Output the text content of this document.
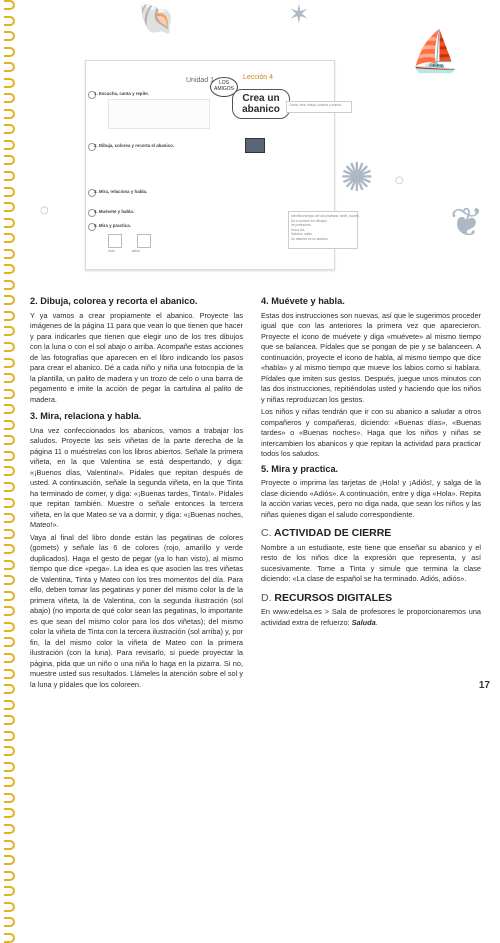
🐚	✶
⛵
❦
✺
○
○
Unidad 1 LOS AMIGOS
Lección 4
Crea un abanico	Canta, crea, dibuja, colorea y saluda.
1. Escucha, canta y repite.
2. Dibuja, colorea y recorta el abanico.
3. Mira, relaciona y habla.
4. Muévete y habla.
5. Mira y practica.

hola	adiós
Identifica tiempo del día (mañana, tarde, noche).
Da a conocer los dibujos/
de profesores.
Usa a los.
Saludos, adiós
Un abanico es un abanico
2. Dibuja, colorea y recorta el abanico.

Y ya vamos a crear propiamente el abanico. Proyecte las imágenes de la página 11 para que vean lo que tienen que hacer y para indicarles que tienen que elegir uno de los tres dibujos con la luna o con el sol abajo o arriba. Acompañe estas acciones de las fotografías que aparecen en el libro indicando los pasos para crear el abanico. Dé a cada niño y niña una fotocopia de la la plantilla, un palito de madera y un trozo de celo o una barra de pegamento e imite la acción de pegar la cartulina al palito de madera.

3. Mira, relaciona y habla.

Una vez confeccionados los abanicos, vamos a trabajar los saludos. Proyecte las seis viñetas de la parte derecha de la página 11 o muéstrelas con los libros abiertos. Señale la primera viñeta, en la que Valentina se está despertando, y diga: «¡Buenos días, Valentina!». Pídales que repitan después de usted. A continuación, señale la segunda viñeta, en la que Tinta ha terminado de comer, y diga: «¡Buenas tardes, Tinta!». Pídales que repitan también. Muestre o señale entonces la tercera viñeta, en la que Mateo se va a dormir, y diga: «¡Buenas noches, Mateo!».

Vaya al final del libro donde están las pegatinas de colores (gomets) y señale las 6 de colores (rojo, amarillo y verde duplicados). Haga el gesto de pegar (ya lo han visto), al mismo tiempo que dice «pega». La idea es que asocien las tres viñetas de Valentina, Tinta y Mateo con los tres momentos del día. Para ello, deben tomar las pegatinas y poner del mismo color la de la primera viñeta, la de Valentina, con la segunda ilustración (sol abajo) (no importa de qué color sean las pegatinas, lo importante es que sean del mismo color para los dos viñetas); del mismo color la viñeta de Tinta con la tercera ilustración (sol arriba) y, por fin, la del mismo color la viñeta de Mateo con la primera ilustración (con la luna). Para revisarlo, si puede proyectar la página, pida que un niño o una niña lo haga en la pizarra. Si no, muestre usted sus resultados. Llámeles la atención sobre el sol y la luna y pídales que los coloreen.

4. Muévete y habla.

Estas dos instrucciones son nuevas, así que le sugerimos proceder igual que con las anteriores la primera vez que aparecieron. Proyecte el icono de muévete y diga «muévete» al mismo tiempo que se balancea. Pídales que se pongan de pie y se balanceen. A continuación, proyecte el icono de habla, al mismo tiempo que dice «habla» y al mismo tiempo que mueve los labios como si hablara. Pídales que imiten sus gestos. Después, juegue unos minutos con las dos instrucciones, repitiéndolas usted y haciendo que los niños y niñas reproduzcan los gestos.

Los niños y niñas tendrán que ir con su abanico a saludar a otros compañeros y compañeras, diciendo: «Buenas días», «Buenas tardes» o «Buenas noches». Haga que los niños y niñas se intercambien los abanicos y que repitan la actividad para practicar todos los saludos.

5. Mira y practica.

Proyecte o imprima las tarjetas de ¡Hola! y ¡Adiós!, y salga de la clase diciendo «Adiós». A continuación, entre y diga «Hola». Repita la acción varias veces, pero no diga nada, que sean los niños y las niñas quienes digan el saludo correspondiente.

C. ACTIVIDAD DE CIERRE

Nombre a un estudiante, este tiene que enseñar su abanico y el resto de los niños dice la expresión que representa, y así sucesivamente. Tome a Tinta y simule que termina la clase diciendo: «La clase de español se ha terminado. Adiós, adiós».

D. RECURSOS DIGITALES

En www.edelsa.es > Sala de profesores le proporcionaremos una actividad extra de refuerzo: Saluda.

17
